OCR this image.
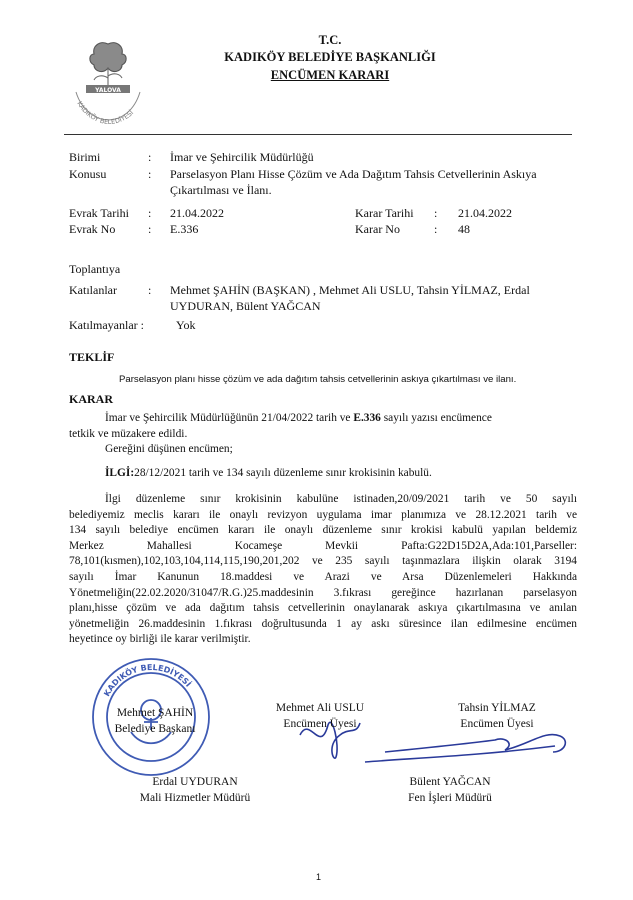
YALOVA
KADIKÖY BELEDİYESİ
T.C.
KADIKÖY BELEDİYE BAŞKANLIĞI
ENCÜMEN KARARI
Birimi	: İmar ve Şehircilik Müdürlüğü
Konusu	: Parselasyon Planı Hisse Çözüm ve Ada Dağıtım Tahsis Cetvellerinin Askıya
Çıkartılması ve İlanı.
Evrak Tarihi : 21.04.2022	Karar Tarihi : 21.04.2022
Evrak No	: E.336	Karar No	: 48
Toplantıya
Katılanlar	: Mehmet ŞAHİN (BAŞKAN) , Mehmet Ali USLU, Tahsin YİLMAZ, Erdal
UYDURAN, Bülent YAĞCAN
Katılmayanlar :	Yok
TEKLİF
Parselasyon planı hisse çözüm ve ada dağıtım tahsis cetvellerinin askıya çıkartılması ve ilanı.
KARAR
İmar ve Şehircilik Müdürlüğünün 21/04/2022 tarih ve E.336 sayılı yazısı encümence
tetkik ve müzakere edildi.
Gereğini düşünen encümen;
İLGİ:28/12/2021 tarih ve 134 sayılı düzenleme sınır krokisinin kabulü.
İlgi düzenleme sınır krokisinin kabulüne istinaden,20/09/2021 tarih ve 50 sayılı
belediyemiz meclis kararı ile onaylı revizyon uygulama imar planımıza ve 28.12.2021 tarih ve
134 sayılı belediye encümen kararı ile onaylı düzenleme sınır krokisi kabulü yapılan beldemiz
Merkez Mahallesi Kocameşe Mevkii Pafta:G22D15D2A,Ada:101,Parseller:
78,101(kısmen),102,103,104,114,115,190,201,202 ve 235 sayılı taşınmazlara ilişkin olarak 3194
sayılı İmar Kanunun 18.maddesi ve Arazi ve Arsa Düzenlemeleri Hakkında
Yönetmeliğin(22.02.2020/31047/R.G.)25.maddesinin 3.fıkrası gereğince hazırlanan parselasyon
planı,hisse çözüm ve ada dağıtım tahsis cetvellerinin onaylanarak askıya çıkartılmasına ve anılan
yönetmeliğin 26.maddesinin 1.fıkrası doğrultusunda 1 ay askı süresince ilan edilmesine encümen
heyetince oy birliği ile karar verilmiştir.
KADIKÖY BELEDİYESİ
Mehmet ŞAHİN
Belediye Başkanı
Mehmet Ali USLU
Encümen Üyesi
Tahsin YİLMAZ
Encümen Üyesi
Erdal UYDURAN
Mali Hizmetler Müdürü
Bülent YAĞCAN
Fen İşleri Müdürü
1
